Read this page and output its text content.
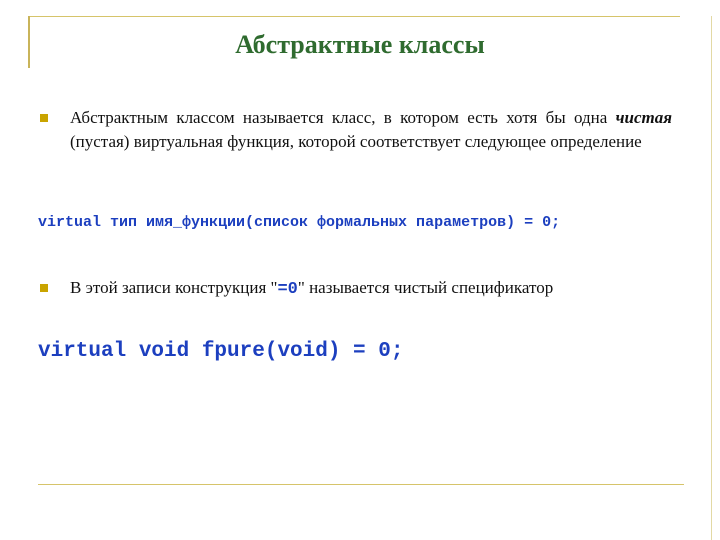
Абстрактные классы
Абстрактным классом называется класс, в котором есть хотя бы одна чистая (пустая) виртуальная функция, которой соответствует следующее определение
virtual тип имя_функции(список формальных параметров) = 0;
В этой записи конструкция "=0" называется чистый спецификатор
virtual void fpure(void) = 0;
